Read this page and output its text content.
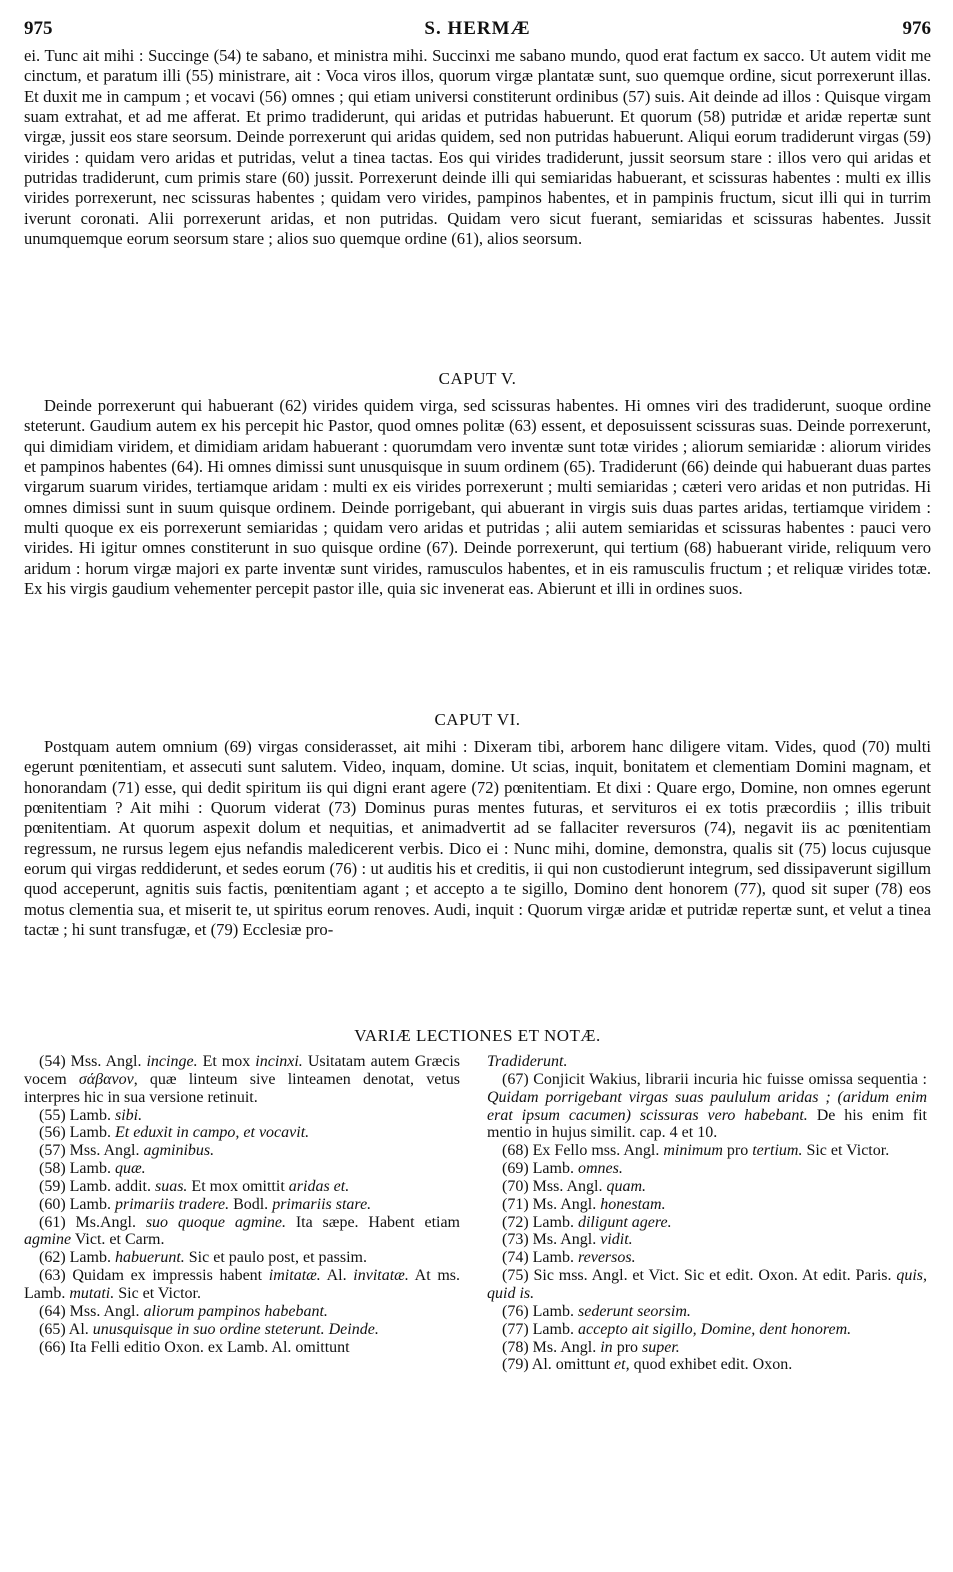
975	S. HERMÆ	976

ei. Tunc ait mihi : Succinge (54) te sabano, et ministra mihi. Succinxi me sabano mundo, quod erat factum ex sacco. Ut autem vidit me cinctum, et paratum illi (55) ministrare, ait : Voca viros illos, quorum virgæ plantatæ sunt, suo quemque ordine, sicut porrexerunt illas. Et duxit me in campum ; et vocavi (56) omnes ; qui etiam universi constiterunt ordinibus (57) suis. Ait deinde ad illos : Quisque virgam suam extrahat, et ad me afferat. Et primo tradiderunt, qui aridas et putridas habuerunt. Et quorum (58) putridæ et aridæ repertæ sunt virgæ, jussit eos stare seorsum. Deinde porrexerunt qui aridas quidem, sed non putridas habuerunt. Aliqui eorum tradiderunt virgas (59) virides : quidam vero aridas et putridas, velut a tinea tactas. Eos qui virides tradiderunt, jussit seorsum stare : illos vero qui aridas et putridas tradiderunt, cum primis stare (60) jussit. Porrexerunt deinde illi qui semiaridas habuerant, et scissuras habentes : multi ex illis virides porrexerunt, nec scissuras habentes ; quidam vero virides, pampinos habentes, et in pampinis fructum, sicut illi qui in turrim iverunt coronati. Alii porrexerunt aridas, et non putridas. Quidam vero sicut fuerant, semiaridas et scissuras habentes. Jussit unumquemque eorum seorsum stare ; alios suo quemque ordine (61), alios seorsum.

CAPUT V.

Deinde porrexerunt qui habuerant (62) virides quidem virga, sed scissuras habentes. Hi omnes viri des tradiderunt, suoque ordine steterunt. Gaudium autem ex his percepit hic Pastor, quod omnes politæ (63) essent, et deposuissent scissuras suas. Deinde porrexerunt, qui dimidiam viridem, et dimidiam aridam habuerant : quorumdam vero inventæ sunt totæ virides ; aliorum semiaridæ : aliorum virides et pampinos habentes (64). Hi omnes dimissi sunt unusquisque in suum ordinem (65). Tradiderunt (66) deinde qui habuerant duas partes virgarum suarum virides, tertiamque aridam : multi ex eis virides porrexerunt ; multi semiaridas ; cæteri vero aridas et non putridas. Hi omnes dimissi sunt in suum quisque ordinem. Deinde porrigebant, qui abuerant in virgis suis duas partes aridas, tertiamque viridem : multi quoque ex eis porrexerunt semiaridas ; quidam vero aridas et putridas ; alii autem semiaridas et scissuras habentes : pauci vero virides. Hi igitur omnes constiterunt in suo quisque ordine (67). Deinde porrexerunt, qui tertium (68) habuerant viride, reliquum vero aridum : horum virgæ majori ex parte inventæ sunt virides, ramusculos habentes, et in eis ramusculis fructum ; et reliquæ virides totæ. Ex his virgis gaudium vehementer percepit pastor ille, quia sic invenerat eas. Abierunt et illi in ordines suos.

CAPUT VI.

Postquam autem omnium (69) virgas considerasset, ait mihi : Dixeram tibi, arborem hanc diligere vitam. Vides, quod (70) multi egerunt pœnitentiam, et assecuti sunt salutem. Video, inquam, domine. Ut scias, inquit, bonitatem et clementiam Domini magnam, et honorandam (71) esse, qui dedit spiritum iis qui digni erant agere (72) pœnitentiam. Et dixi : Quare ergo, Domine, non omnes egerunt pœnitentiam ? Ait mihi : Quorum viderat (73) Dominus puras mentes futuras, et servituros ei ex totis præcordiis ; illis tribuit pœnitentiam. At quorum aspexit dolum et nequitias, et animadvertit ad se fallaciter reversuros (74), negavit iis ac pœnitentiam regressum, ne rursus legem ejus nefandis maledicerent verbis. Dico ei : Nunc mihi, domine, demonstra, qualis sit (75) locus cujusque eorum qui virgas reddiderunt, et sedes eorum (76) : ut auditis his et creditis, ii qui non custodierunt integrum, sed dissipaverunt sigillum quod acceperunt, agnitis suis factis, pœnitentiam agant ; et accepto a te sigillo, Domino dent honorem (77), quod sit super (78) eos motus clementia sua, et miserit te, ut spiritus eorum renoves. Audi, inquit : Quorum virgæ aridæ et putridæ repertæ sunt, et velut a tinea tactæ ; hi sunt transfugæ, et (79) Ecclesiæ pro-

VARIÆ LECTIONES ET NOTÆ.

(54) Mss. Angl. incinge. Et mox incinxi. Usitatam autem Græcis vocem σάβανον, quæ linteum sive linteamen denotat, vetus interpres hic in sua versione retinuit.

(55) Lamb. sibi.

(56) Lamb. Et eduxit in campo, et vocavit.

(57) Mss. Angl. agminibus.

(58) Lamb. quæ.

(59) Lamb. addit. suas. Et mox omittit aridas et.

(60) Lamb. primariis tradere. Bodl. primariis stare.

(61) Ms.Angl. suo quoque agmine. Ita sæpe. Habent etiam agmine Vict. et Carm.

(62) Lamb. habuerunt. Sic et paulo post, et passim.

(63) Quidam ex impressis habent imitatæ. Al. invitatæ. At ms. Lamb. mutati. Sic et Victor.

(64) Mss. Angl. aliorum pampinos habebant.

(65) Al. unusquisque in suo ordine steterunt. Deinde.

(66) Ita Felli editio Oxon. ex Lamb. Al. omittunt

Tradiderunt.

(67) Conjicit Wakius, librarii incuria hic fuisse omissa sequentia : Quidam porrigebant virgas suas paululum aridas ; (aridum enim erat ipsum cacumen) scissuras vero habebant. De his enim fit mentio in hujus similit. cap. 4 et 10.

(68) Ex Fello mss. Angl. minimum pro tertium. Sic et Victor.

(69) Lamb. omnes.

(70) Mss. Angl. quam.

(71) Ms. Angl. honestam.

(72) Lamb. diligunt agere.

(73) Ms. Angl. vidit.

(74) Lamb. reversos.

(75) Sic mss. Angl. et Vict. Sic et edit. Oxon. At edit. Paris. quis, quid is.

(76) Lamb. sederunt seorsim.

(77) Lamb. accepto ait sigillo, Domine, dent honorem.

(78) Ms. Angl. in pro super.

(79) Al. omittunt et, quod exhibet edit. Oxon.
